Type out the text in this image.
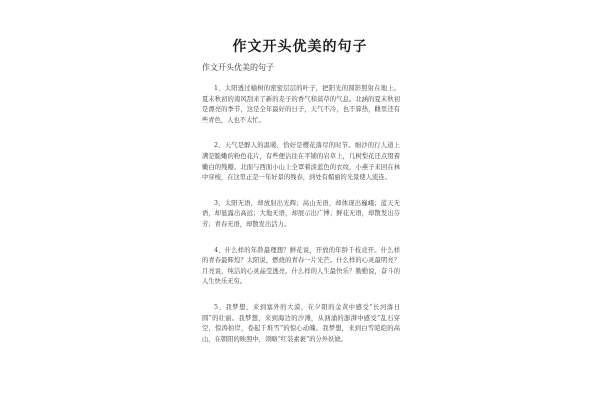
作文开头优美的句子
作文开头优美的句子

1、太阳透过榆树的密密层层的叶子，把阳光的圆影照射在地上。夏末秋初的南风刮来了新的麦子的香气和蒿草的气息。北涵的夏末秋初是漂亮的季节，这是全年最好的日子，天气不冷，也不算热，雌里还有些青色，人也不太忙。

2、天气是醉人的温暖，恰好是樱花落尽的时节。细沙的行人道上满是脆嫩的粉色花片，有些便沾往在平铺的岩草上，几树梨花还点缀着嫩白的残瓣。北面与西面小山上全罩着淡蓝色的衣纹，小燕子来回在林中穿梭，在这里正是一年好景的残春，到处有媚丽的光景使人流连。

3、太阳无语，却放射出光辉；高山无语，却体现出巍峨；蓝天无语，却显露出高远；大地无语，却展示出广博；鲜花无语，却散发出芬芳；青春无语，却散发出活力。

4、什么样的年龄最理想？鲜花说，开放的年龄千枝竞开。什么样的青春最辉煌？太阳说，燃烧的青春一片光芒。什么样的心灵最明亮？月亮说，纯洁的心灵晶莹透亮。什么样的人生最快乐？勤勤说，奋斗的人生快乐无穷。

5、我梦想，来到塞外的大漠，在夕阳的金黄中感受“长河落日圆”的壮丽。我梦想，来到海边的沙滩，从汹涌的澎湃中感受“乱石穿空，惊涛拍岸，卷起千堆雪”的惊心动魄。我梦想，来到白雪皑皑的高山，在朝阳的映照中，领略“红装素裹”的分外妖娆。
